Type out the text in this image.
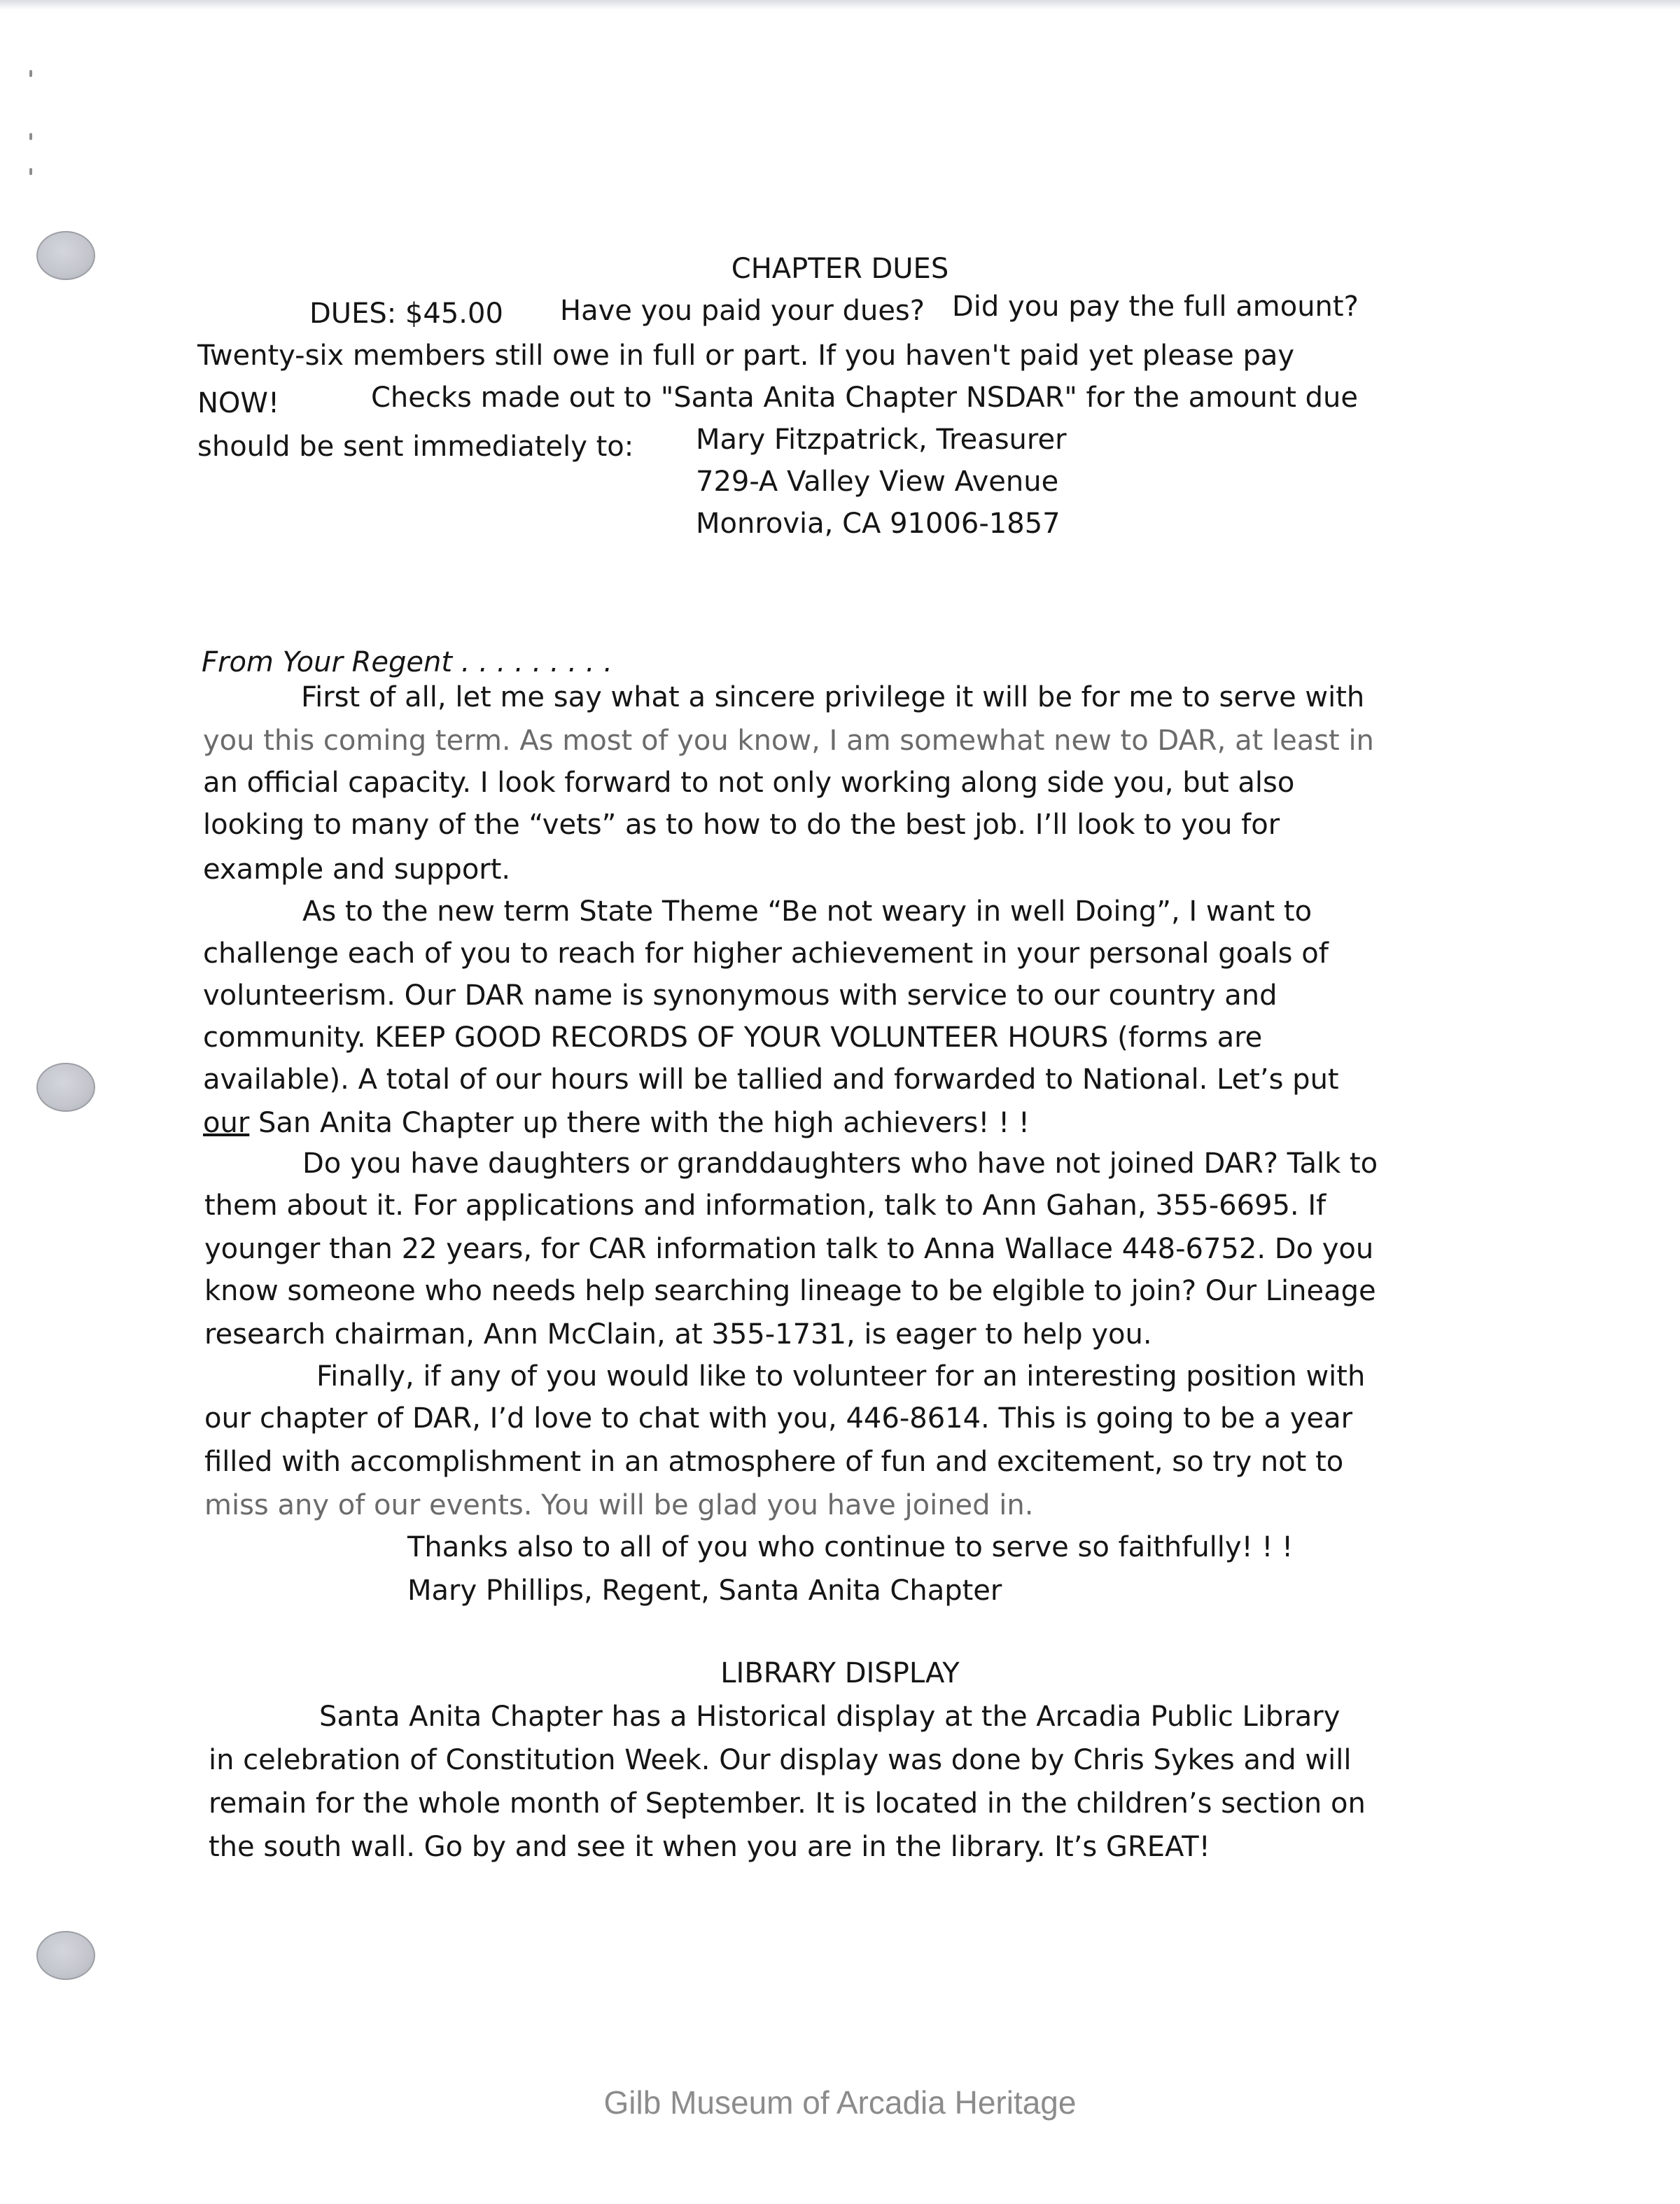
CHAPTER DUES
DUES: $45.00 Have you paid your dues? Did you pay the full amount?
Twenty-six members still owe in full or part. If you haven't paid yet please pay
NOW!	Checks made out to "Santa Anita Chapter NSDAR" for the amount due
should be sent immediately to: Mary Fitzpatrick, Treasurer
729-A Valley View Avenue
Monrovia, CA 91006-1857
From Your Regent . . . . . . . . .
First of all, let me say what a sincere privilege it will be for me to serve with
you this coming term. As most of you know, I am somewhat new to DAR, at least in
an official capacity. I look forward to not only working along side you, but also
looking to many of the “vets” as to how to do the best job. I’ll look to you for
example and support.
As to the new term State Theme “Be not weary in well Doing”, I want to
challenge each of you to reach for higher achievement in your personal goals of
volunteerism. Our DAR name is synonymous with service to our country and
community. KEEP GOOD RECORDS OF YOUR VOLUNTEER HOURS (forms are
available). A total of our hours will be tallied and forwarded to National. Let’s put
our San Anita Chapter up there with the high achievers! ! !
Do you have daughters or granddaughters who have not joined DAR? Talk to
them about it. For applications and information, talk to Ann Gahan, 355-6695. If
younger than 22 years, for CAR information talk to Anna Wallace 448-6752. Do you
know someone who needs help searching lineage to be elgible to join? Our Lineage
research chairman, Ann McClain, at 355-1731, is eager to help you.
Finally, if any of you would like to volunteer for an interesting position with
our chapter of DAR, I’d love to chat with you, 446-8614. This is going to be a year
filled with accomplishment in an atmosphere of fun and excitement, so try not to
miss any of our events. You will be glad you have joined in.
Thanks also to all of you who continue to serve so faithfully! ! !
Mary Phillips, Regent, Santa Anita Chapter
LIBRARY DISPLAY
Santa Anita Chapter has a Historical display at the Arcadia Public Library
in celebration of Constitution Week. Our display was done by Chris Sykes and will
remain for the whole month of September. It is located in the children’s section on
the south wall. Go by and see it when you are in the library. It’s GREAT!
Gilb Museum of Arcadia Heritage
